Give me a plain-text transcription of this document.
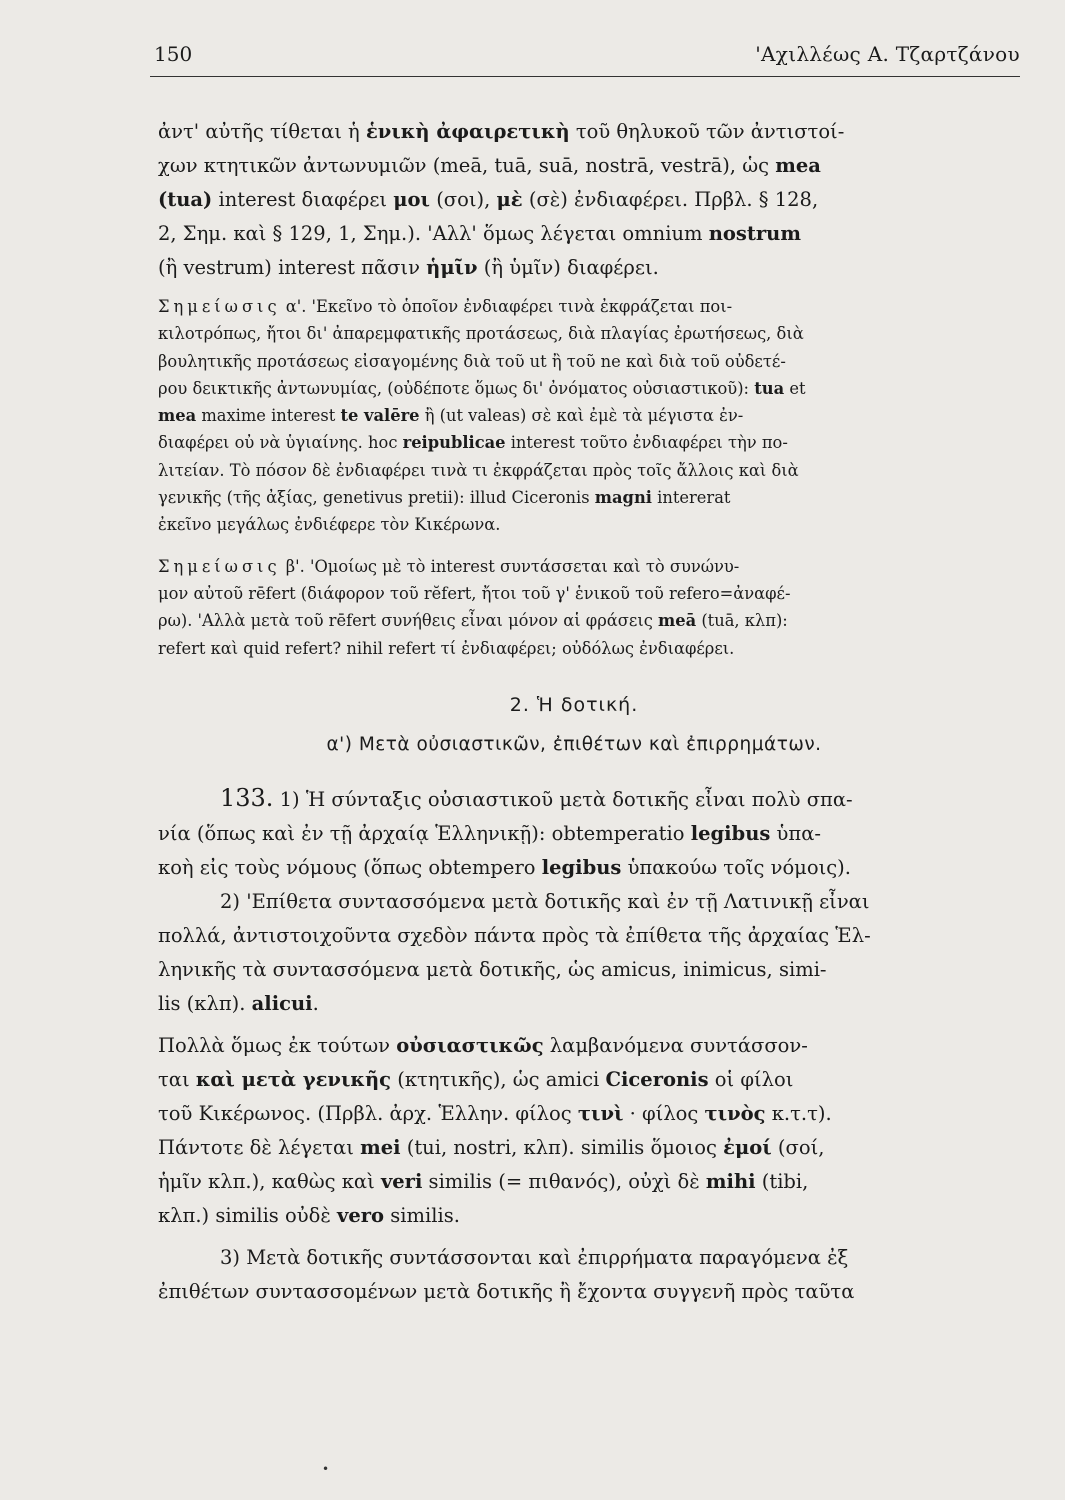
150	'Αχιλλέως Α. Τζαρτζάνου

ἀντ' αὐτῆς τίθεται ἡ ἑνικὴ ἀφαιρετικὴ τοῦ θηλυκοῦ τῶν ἀντιστοί-
χων κτητικῶν ἀντωνυμιῶν (meā, tuā, suā, nostrā, vestrā), ὡς mea
(tua) interest διαφέρει μοι (σοι), μὲ (σὲ) ἐνδιαφέρει. Πρβλ. § 128,
2, Σημ. καὶ § 129, 1, Σημ.). 'Αλλ' ὅμως λέγεται omnium nostrum
(ἢ vestrum) interest πᾶσιν ἡμῖν (ἢ ὑμῖν) διαφέρει.

Σημείωσις α'. 'Εκεῖνο τὸ ὁποῖον ἐνδιαφέρει τινὰ ἐκφράζεται ποι-
κιλοτρόπως, ἤτοι δι' ἀπαρεμφατικῆς προτάσεως, διὰ πλαγίας ἐρωτήσεως, διὰ
βουλητικῆς προτάσεως εἰσαγομένης διὰ τοῦ ut ἢ τοῦ ne καὶ διὰ τοῦ οὐδετέ-
ρου δεικτικῆς ἀντωνυμίας, (οὐδέποτε ὅμως δι' ὀνόματος οὐσιαστικοῦ): tua et
mea maxime interest te valēre ἢ (ut valeas) σὲ καὶ ἐμὲ τὰ μέγιστα ἐν-
διαφέρει οὐ νὰ ὑγιαίνης. hoc reipublicae interest τοῦτο ἐνδιαφέρει τὴν πο-
λιτείαν. Τὸ πόσον δὲ ἐνδιαφέρει τινὰ τι ἐκφράζεται πρὸς τοῖς ἄλλοις καὶ διὰ
γενικῆς (τῆς ἀξίας, genetivus pretii): illud Ciceronis magni intererat
ἐκεῖνο μεγάλως ἐνδιέφερε τὸν Κικέρωνα.

Σημείωσις β'. 'Ομοίως μὲ τὸ interest συντάσσεται καὶ τὸ συνώνυ-
μον αὐτοῦ rēfert (διάφορον τοῦ rĕfert, ἤτοι τοῦ γ' ἑνικοῦ τοῦ refero=ἀναφέ-
ρω). 'Αλλὰ μετὰ τοῦ rēfert συνήθεις εἶναι μόνον αἱ φράσεις meā (tuā, κλπ):
refert καὶ quid refert? nihil refert τί ἐνδιαφέρει; οὐδόλως ἐνδιαφέρει.

2. Ἡ δοτική.

α') Μετὰ οὐσιαστικῶν, ἐπιθέτων καὶ ἐπιρρημάτων.

133. 1) Ἡ σύνταξις οὐσιαστικοῦ μετὰ δοτικῆς εἶναι πολὺ σπα-
νία (ὅπως καὶ ἐν τῇ ἀρχαίᾳ Ἑλληνικῇ): obtemperatio legibus ὑπα-
κοὴ εἰς τοὺς νόμους (ὅπως obtempero legibus ὑπακούω τοῖς νόμοις).

2) 'Επίθετα συντασσόμενα μετὰ δοτικῆς καὶ ἐν τῇ Λατινικῇ εἶναι
πολλά, ἀντιστοιχοῦντα σχεδὸν πάντα πρὸς τὰ ἐπίθετα τῆς ἀρχαίας Ἑλ-
ληνικῆς τὰ συντασσόμενα μετὰ δοτικῆς, ὡς amicus, inimicus, simi-
lis (κλπ). alicui.

Πολλὰ ὅμως ἐκ τούτων οὐσιαστικῶς λαμβανόμενα συντάσσον-
ται καὶ μετὰ γενικῆς (κτητικῆς), ὡς amici Ciceronis οἱ φίλοι
τοῦ Κικέρωνος. (Πρβλ. ἀρχ. Ἑλλην. φίλος τινὶ · φίλος τινὸς κ.τ.τ).
Πάντοτε δὲ λέγεται mei (tui, nostri, κλπ). similis ὅμοιος ἐμοί (σοί,
ἡμῖν κλπ.), καθὼς καὶ veri similis (= πιθανός), οὐχὶ δὲ mihi (tibi,
κλπ.) similis οὐδὲ vero similis.

3) Μετὰ δοτικῆς συντάσσονται καὶ ἐπιρρήματα παραγόμενα ἐξ
ἐπιθέτων συντασσομένων μετὰ δοτικῆς ἢ ἔχοντα συγγενῆ πρὸς ταῦτα

•
